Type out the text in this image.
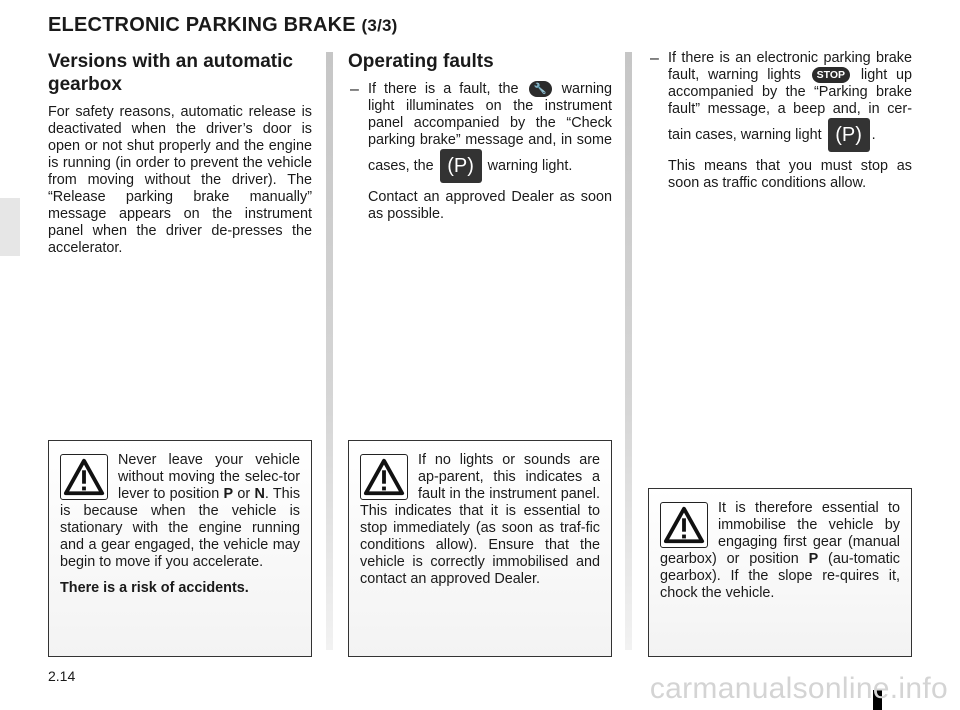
ELECTRONIC PARKING BRAKE (3/3)
Versions with an automatic gearbox

For safety reasons, automatic release is deactivated when the driver’s door is open or not shut properly and the engine is running (in order to prevent the vehicle from moving without the driver). The “Release parking brake manually” message appears on the instrument panel when the driver de-presses the accelerator.

Operating faults
– If there is a fault, the 🔧 warning light illuminates on the instrument panel accompanied by the “Check parking brake” message and, in some cases, the (P) warning light.

Contact an approved Dealer as soon as possible.

– If there is an electronic parking brake fault, warning lights STOP light up accompanied by the “Parking brake fault” message, a beep and, in cer-tain cases, warning light (P) .

This means that you must stop as soon as traffic conditions allow.

Never leave your vehicle without moving the selec-tor lever to position P or N. This is because when the vehicle is stationary with the engine running and a gear engaged, the vehicle may begin to move if you accelerate.

There is a risk of accidents.

If no lights or sounds are ap-parent, this indicates a fault in the instrument panel. This indicates that it is essential to stop immediately (as soon as traf-fic conditions allow). Ensure that the vehicle is correctly immobilised and contact an approved Dealer.

It is therefore essential to immobilise the vehicle by engaging first gear (manual gearbox) or position P (au-tomatic gearbox). If the slope re-quires it, chock the vehicle.

2.14	carmanualsonline.info
